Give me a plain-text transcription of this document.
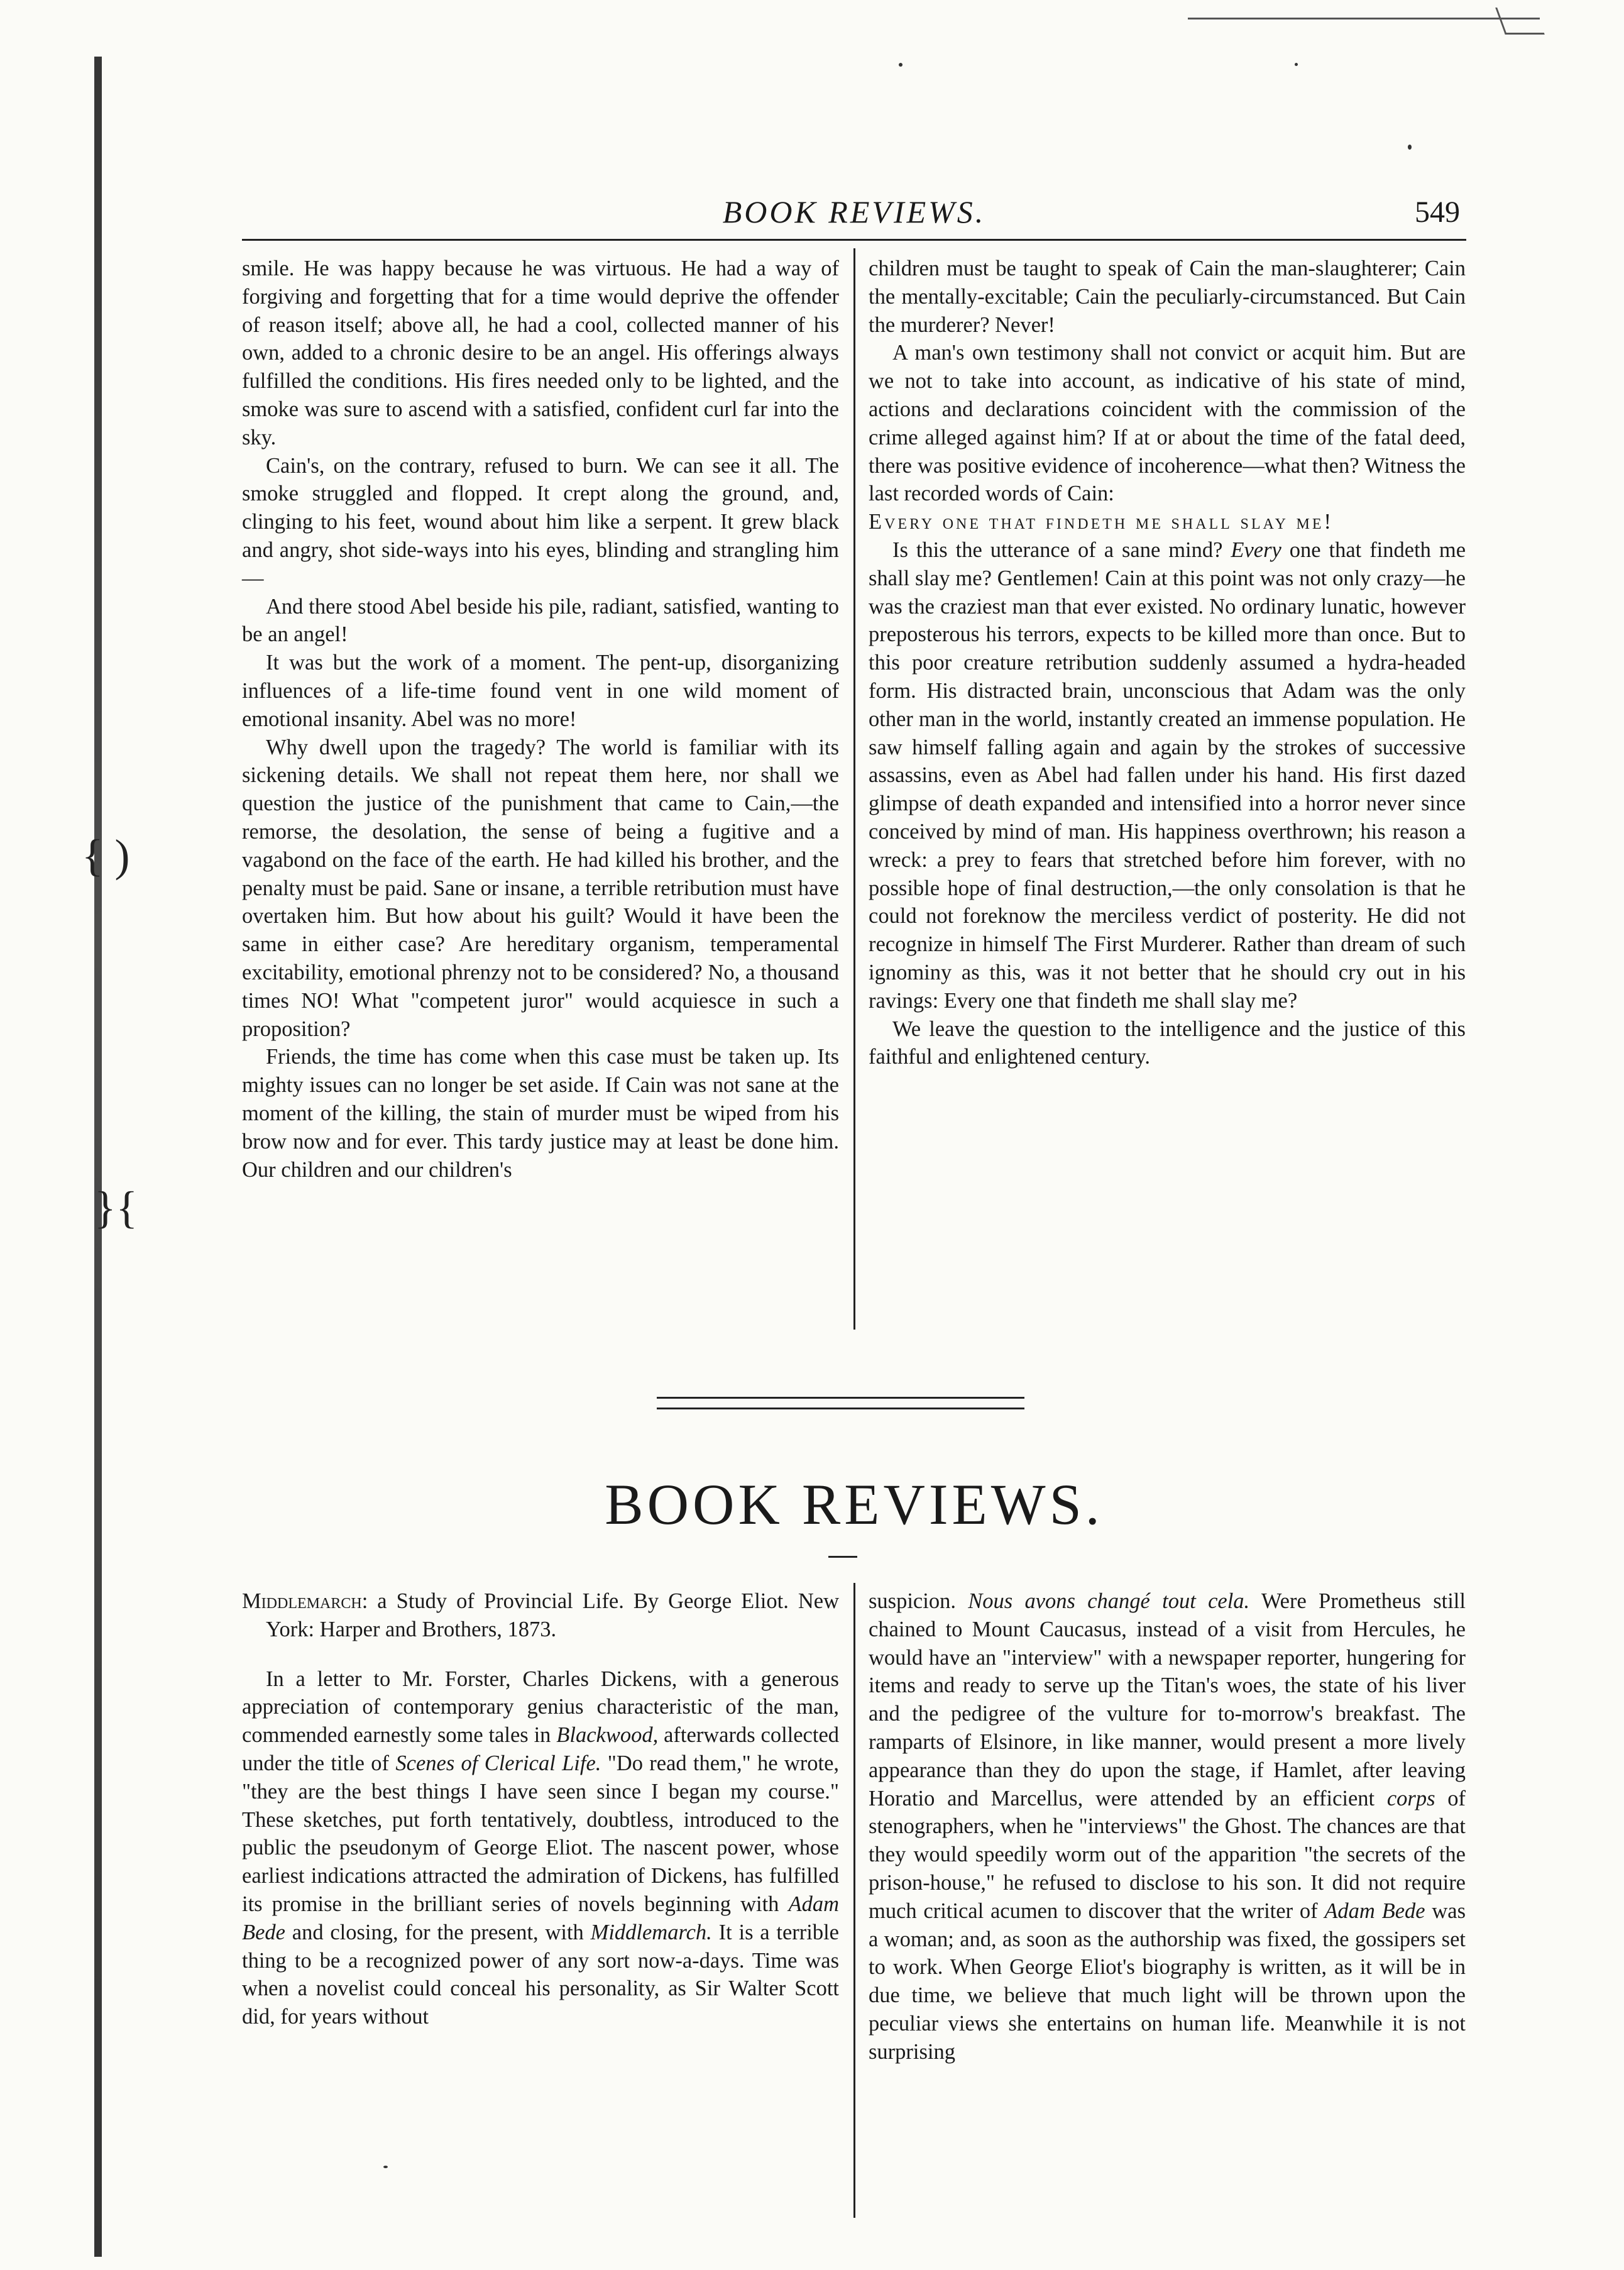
{ )
}{
BOOK REVIEWS.	549

smile. He was happy because he was virtuous. He had a way of forgiving and forgetting that for a time would deprive the offender of reason itself; above all, he had a cool, collected manner of his own, added to a chronic desire to be an angel. His offerings always fulfilled the conditions. His fires needed only to be lighted, and the smoke was sure to ascend with a satisfied, confident curl far into the sky.

Cain's, on the contrary, refused to burn. We can see it all. The smoke struggled and flopped. It crept along the ground, and, clinging to his feet, wound about him like a serpent. It grew black and angry, shot side-ways into his eyes, blinding and strangling him—

And there stood Abel beside his pile, radiant, satisfied, wanting to be an angel!

It was but the work of a moment. The pent-up, disorganizing influences of a life-time found vent in one wild moment of emotional insanity. Abel was no more!

Why dwell upon the tragedy? The world is familiar with its sickening details. We shall not repeat them here, nor shall we question the justice of the punishment that came to Cain,—the remorse, the desolation, the sense of being a fugitive and a vagabond on the face of the earth. He had killed his brother, and the penalty must be paid. Sane or insane, a terrible retribution must have overtaken him. But how about his guilt? Would it have been the same in either case? Are hereditary organism, temperamental excitability, emotional phrenzy not to be considered? No, a thousand times NO! What "competent juror" would acquiesce in such a proposition?

Friends, the time has come when this case must be taken up. Its mighty issues can no longer be set aside. If Cain was not sane at the moment of the killing, the stain of murder must be wiped from his brow now and for ever. This tardy justice may at least be done him. Our children and our children's

children must be taught to speak of Cain the man-slaughterer; Cain the mentally-excitable; Cain the peculiarly-circumstanced. But Cain the murderer? Never!

A man's own testimony shall not convict or acquit him. But are we not to take into account, as indicative of his state of mind, actions and declarations coincident with the commission of the crime alleged against him? If at or about the time of the fatal deed, there was positive evidence of incoherence—what then? Witness the last recorded words of Cain:

Every one that findeth me shall slay me!

Is this the utterance of a sane mind? Every one that findeth me shall slay me? Gentlemen! Cain at this point was not only crazy—he was the craziest man that ever existed. No ordinary lunatic, however preposterous his terrors, expects to be killed more than once. But to this poor creature retribution suddenly assumed a hydra-headed form. His distracted brain, unconscious that Adam was the only other man in the world, instantly created an immense population. He saw himself falling again and again by the strokes of successive assassins, even as Abel had fallen under his hand. His first dazed glimpse of death expanded and intensified into a horror never since conceived by mind of man. His happiness overthrown; his reason a wreck: a prey to fears that stretched before him forever, with no possible hope of final destruction,—the only consolation is that he could not foreknow the merciless verdict of posterity. He did not recognize in himself The First Murderer. Rather than dream of such ignominy as this, was it not better that he should cry out in his ravings: Every one that findeth me shall slay me?

We leave the question to the intelligence and the justice of this faithful and enlightened century.

BOOK REVIEWS.

Middlemarch: a Study of Provincial Life. By George Eliot. New York: Harper and Brothers, 1873.

In a letter to Mr. Forster, Charles Dickens, with a generous appreciation of contemporary genius characteristic of the man, commended earnestly some tales in Blackwood, afterwards collected under the title of Scenes of Clerical Life. "Do read them," he wrote, "they are the best things I have seen since I began my course." These sketches, put forth tentatively, doubtless, introduced to the public the pseudonym of George Eliot. The nascent power, whose earliest indications attracted the admiration of Dickens, has fulfilled its promise in the brilliant series of novels beginning with Adam Bede and closing, for the present, with Middlemarch. It is a terrible thing to be a recognized power of any sort now-a-days. Time was when a novelist could conceal his personality, as Sir Walter Scott did, for years without

suspicion. Nous avons changé tout cela. Were Prometheus still chained to Mount Caucasus, instead of a visit from Hercules, he would have an "interview" with a newspaper reporter, hungering for items and ready to serve up the Titan's woes, the state of his liver and the pedigree of the vulture for to-morrow's breakfast. The ramparts of Elsinore, in like manner, would present a more lively appearance than they do upon the stage, if Hamlet, after leaving Horatio and Marcellus, were attended by an efficient corps of stenographers, when he "interviews" the Ghost. The chances are that they would speedily worm out of the apparition "the secrets of the prison-house," he refused to disclose to his son. It did not require much critical acumen to discover that the writer of Adam Bede was a woman; and, as soon as the authorship was fixed, the gossipers set to work. When George Eliot's biography is written, as it will be in due time, we believe that much light will be thrown upon the peculiar views she entertains on human life. Meanwhile it is not surprising
